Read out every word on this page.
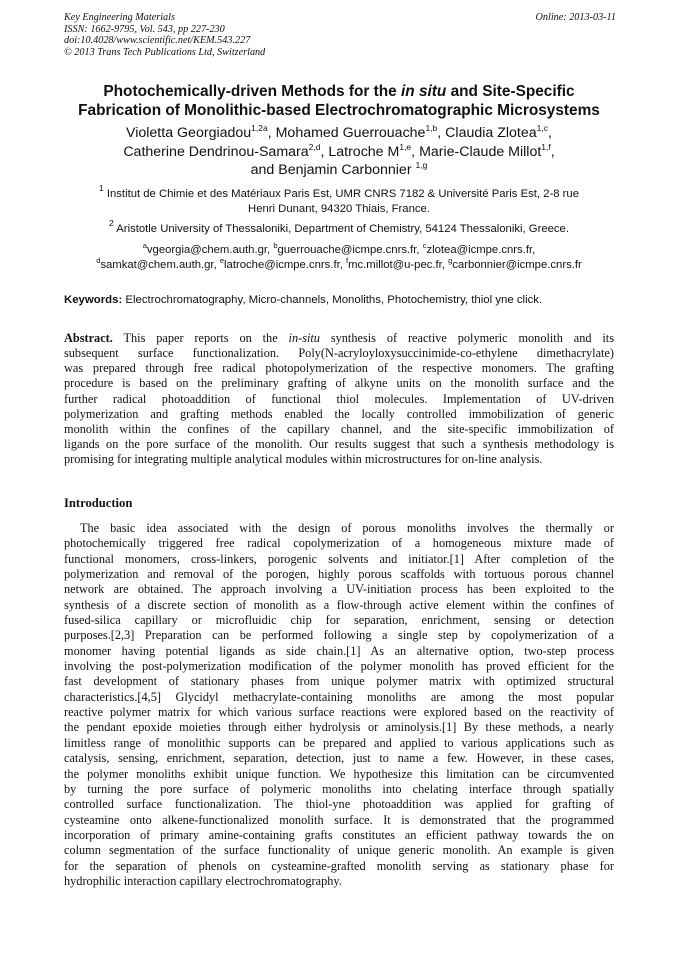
Key Engineering Materials	Online: 2013-03-11
ISSN: 1662-9795, Vol. 543, pp 227-230
doi:10.4028/www.scientific.net/KEM.543.227
© 2013 Trans Tech Publications Ltd, Switzerland
Photochemically-driven Methods for the in situ and Site-Specific
Fabrication of Monolithic-based Electrochromatographic Microsystems
Violetta Georgiadou$^{1,2a}$, Mohamed Guerrouache$^{1,b}$, Claudia Zlotea$^{1,c}$,
Catherine Dendrinou-Samara$^{2,d}$, Latroche M$^{1,e}$, Marie-Claude Millot$^{1,f}$,
and Benjamin Carbonnier $^{1,g}$
$^1$ Institut de Chimie et des Matériaux Paris Est, UMR CNRS 7182 & Université Paris Est, 2-8 rue
Henri Dunant, 94320 Thiais, France.
$^2$ Aristotle University of Thessaloniki, Department of Chemistry, 54124 Thessaloniki, Greece.
$^a$vgeorgia@chem.auth.gr, $^b$guerrouache@icmpe.cnrs.fr, $^c$zlotea@icmpe.cnrs.fr,
$^d$samkat@chem.auth.gr, $^e$latroche@icmpe.cnrs.fr, $^f$mc.millot@u-pec.fr, $^g$carbonnier@icmpe.cnrs.fr
Keywords: Electrochromatography, Micro-channels, Monoliths, Photochemistry, thiol yne click.
Abstract. This paper reports on the in-situ synthesis of reactive polymeric monolith and its
subsequent surface functionalization. Poly(N-acryloyloxysuccinimide-co-ethylene dimethacrylate)
was prepared through free radical photopolymerization of the respective monomers. The grafting
procedure is based on the preliminary grafting of alkyne units on the monolith surface and the
further radical photoaddition of functional thiol molecules. Implementation of UV-driven
polymerization and grafting methods enabled the locally controlled immobilization of generic
monolith within the confines of the capillary channel, and the site-specific immobilization of
ligands on the pore surface of the monolith. Our results suggest that such a synthesis methodology is
promising for integrating multiple analytical modules within microstructures for on-line analysis.
Introduction
The basic idea associated with the design of porous monoliths involves the thermally or
photochemically triggered free radical copolymerization of a homogeneous mixture made of
functional monomers, cross-linkers, porogenic solvents and initiator.[1] After completion of the
polymerization and removal of the porogen, highly porous scaffolds with tortuous porous channel
network are obtained. The approach involving a UV-initiation process has been exploited to the
synthesis of a discrete section of monolith as a flow-through active element within the confines of
fused-silica capillary or microfluidic chip for separation, enrichment, sensing or detection
purposes.[2,3] Preparation can be performed following a single step by copolymerization of a
monomer having potential ligands as side chain.[1] As an alternative option, two-step process
involving the post-polymerization modification of the polymer monolith has proved efficient for the
fast development of stationary phases from unique polymer matrix with optimized structural
characteristics.[4,5] Glycidyl methacrylate-containing monoliths are among the most popular
reactive polymer matrix for which various surface reactions were explored based on the reactivity of
the pendant epoxide moieties through either hydrolysis or aminolysis.[1] By these methods, a nearly
limitless range of monolithic supports can be prepared and applied to various applications such as
catalysis, sensing, enrichment, separation, detection, just to name a few. However, in these cases,
the polymer monoliths exhibit unique function. We hypothesize this limitation can be circumvented
by turning the pore surface of polymeric monoliths into chelating interface through spatially
controlled surface functionalization. The thiol-yne photoaddition was applied for grafting of
cysteamine onto alkene-functionalized monolith surface. It is demonstrated that the programmed
incorporation of primary amine-containing grafts constitutes an efficient pathway towards the on
column segmentation of the surface functionality of unique generic monolith. An example is given
for the separation of phenols on cysteamine-grafted monolith serving as stationary phase for
hydrophilic interaction capillary electrochromatography.
